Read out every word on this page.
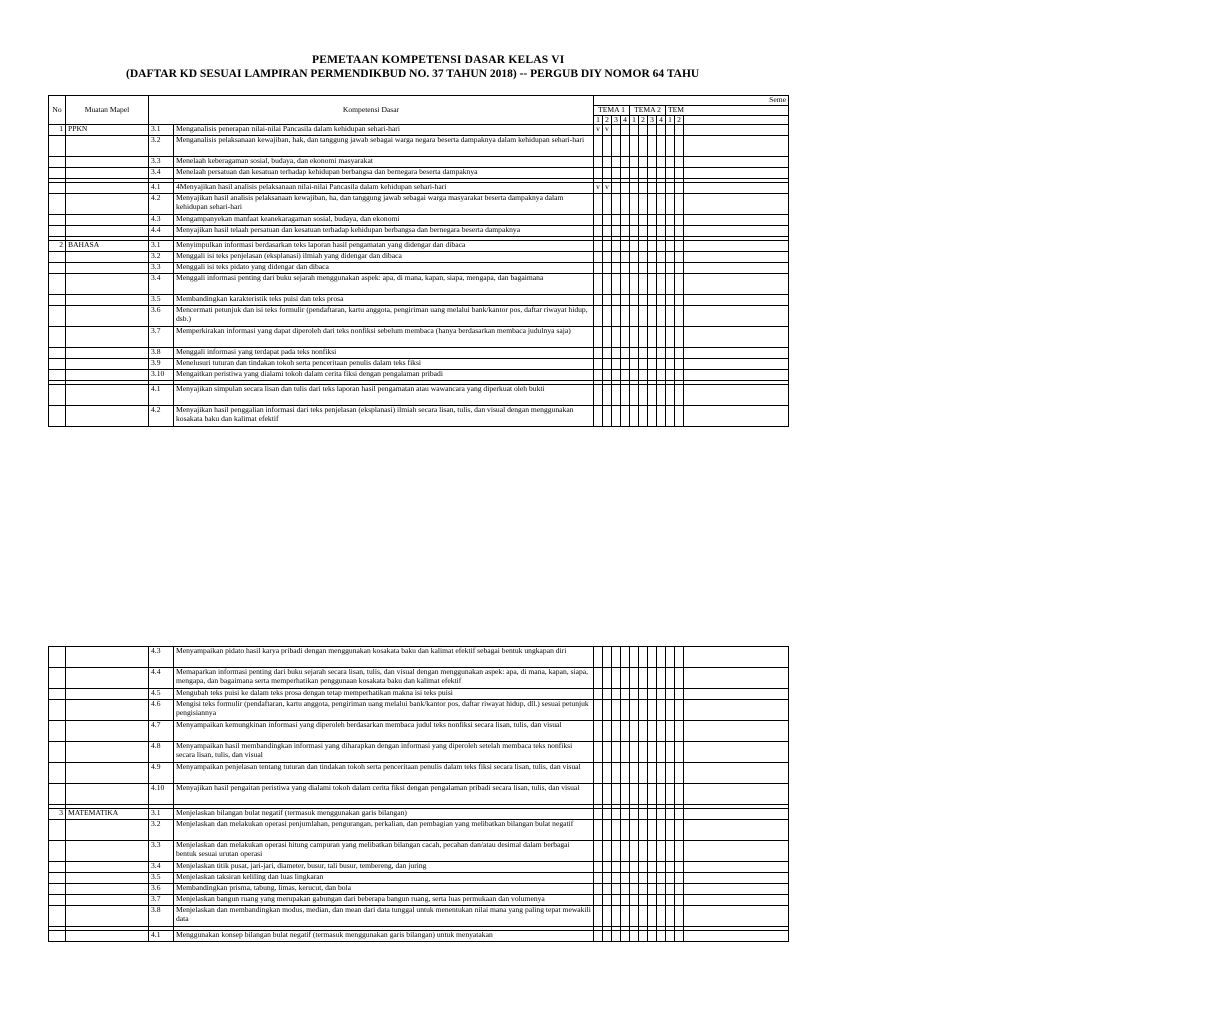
PEMETAAN KOMPETENSI DASAR KELAS VI
(DAFTAR KD SESUAI LAMPIRAN PERMENDIKBUD NO. 37 TAHUN 2018) -- PERGUB DIY NOMOR 64 TAHU
No	Muatan Mapel	Kompetensi Dasar		Seme										
				TEMA 1				TEMA 2				TEM		
				1	2	3	4	1	2	3	4	1	2	
1	PPKN	3.1	Menganalisis penerapan nilai-nilai Pancasila dalam kehidupan sehari-hari	v	v									
		3.2	Menganalisis pelaksanaan kewajiban, hak, dan tanggung jawab sebagai warga negara beserta dampaknya dalam kehidupan sehari-hari											
		3.3	Menelaah keberagaman sosial, budaya, dan ekonomi masyarakat											
		3.4	Menelaah persatuan dan kesatuan terhadap kehidupan berbangsa dan bernegara beserta dampaknya											

		4.1	4Menyajikan hasil analisis pelaksanaan nilai-nilai Pancasila dalam kehidupan sehari-hari	v	v									
		4.2	Menyajikan hasil analisis pelaksanaan kewajiban, ha, dan tanggung jawab sebagai warga masyarakat beserta dampaknya dalam kehidupan sehari-hari											
		4.3	Mengampanyekan manfaat keanekaragaman sosial, budaya, dan ekonomi											
		4.4	Menyajikan hasil telaah persatuan dan kesatuan terhadap kehidupan berbangsa dan bernegara beserta dampaknya											

2	BAHASA	3.1	Menyimpulkan informasi berdasarkan teks laporan hasil pengamatan yang didengar dan dibaca											
		3.2	Menggali isi teks penjelasan (eksplanasi) ilmiah yang didengar dan dibaca											
		3.3	Menggali isi teks pidato yang didengar dan dibaca											
		3.4	Menggali informasi penting dari buku sejarah menggunakan aspek: apa, di mana, kapan, siapa, mengapa, dan bagaimana											
		3.5	Membandingkan karakteristik teks puisi dan teks prosa											
		3.6	Mencermati petunjuk dan isi teks formulir (pendaftaran, kartu anggota, pengiriman uang melalui bank/kantor pos, daftar riwayat hidup, dsb.)											
		3.7	Memperkirakan informasi yang dapat diperoleh dari teks nonfiksi sebelum membaca (hanya berdasarkan membaca judulnya saja)											
		3.8	Menggali informasi yang terdapat pada teks nonfiksi											
		3.9	Menelusuri tuturan dan tindakan tokoh serta penceritaan penulis dalam teks fiksi											
		3.10	Mengaitkan peristiwa yang dialami tokoh dalam cerita fiksi dengan pengalaman pribadi											

		4.1	Menyajikan simpulan secara lisan dan tulis dari teks laporan hasil pengamatan atau wawancara yang diperkuat oleh bukti											
		4.2	Menyajikan hasil penggalian informasi dari teks penjelasan (eksplanasi) ilmiah secara lisan, tulis, dan visual dengan menggunakan kosakata baku dan kalimat efektif											
		4.3	Menyampaikan pidato hasil karya pribadi dengan menggunakan kosakata baku dan kalimat efektif sebagai bentuk ungkapan diri											
		4.4	Memaparkan informasi penting dari buku sejarah secara lisan, tulis, dan visual dengan menggunakan aspek: apa, di mana, kapan, siapa, mengapa, dan bagaimana serta memperhatikan penggunaan kosakata baku dan kalimat efektif											
		4.5	Mengubah teks puisi ke dalam teks prosa dengan tetap memperhatikan makna isi teks puisi											
		4.6	Mengisi teks formulir (pendaftaran, kartu anggota, pengiriman uang melalui bank/kantor pos, daftar riwayat hidup, dll.) sesuai petunjuk pengisiannya											
		4.7	Menyampaikan kemungkinan informasi yang diperoleh berdasarkan membaca judul teks nonfiksi secara lisan, tulis, dan visual											
		4.8	Menyampaikan hasil membandingkan informasi yang diharapkan dengan informasi yang diperoleh setelah membaca teks nonfiksi secara lisan, tulis, dan visual											
		4.9	Menyampaikan penjelasan tentang tuturan dan tindakan tokoh serta penceritaan penulis dalam teks fiksi secara lisan, tulis, dan visual											
		4.10	Menyajikan hasil pengaitan peristiwa yang dialami tokoh dalam cerita fiksi dengan pengalaman pribadi secara lisan, tulis, dan visual											

3	MATEMATIKA	3.1	Menjelaskan bilangan bulat negatif (termasuk menggunakan garis bilangan)											
		3.2	Menjelaskan dan melakukan operasi penjumlahan, pengurangan, perkalian, dan pembagian yang melibatkan bilangan bulat negatif											
		3.3	Menjelaskan dan melakukan operasi hitung campuran yang melibatkan bilangan cacah, pecahan dan/atau desimal dalam berbagai bentuk sesuai urutan operasi											
		3.4	Menjelaskan titik pusat, jari-jari, diameter, busur, tali busur, tembereng, dan juring											
		3.5	Menjelaskan taksiran keliling dan luas lingkaran											
		3.6	Membandingkan prisma, tabung, limas, kerucut, dan bola											
		3.7	Menjelaskan bangun ruang yang merupakan gabungan dari beberapa bangun ruang, serta luas permukaan dan volumenya											
		3.8	Menjelaskan dan membandingkan modus, median, dan mean dari data tunggal untuk menentukan nilai mana yang paling tepat mewakili data											

		4.1	Menggunakan konsep bilangan bulat negatif (termasuk menggunakan garis bilangan) untuk menyatakan											
